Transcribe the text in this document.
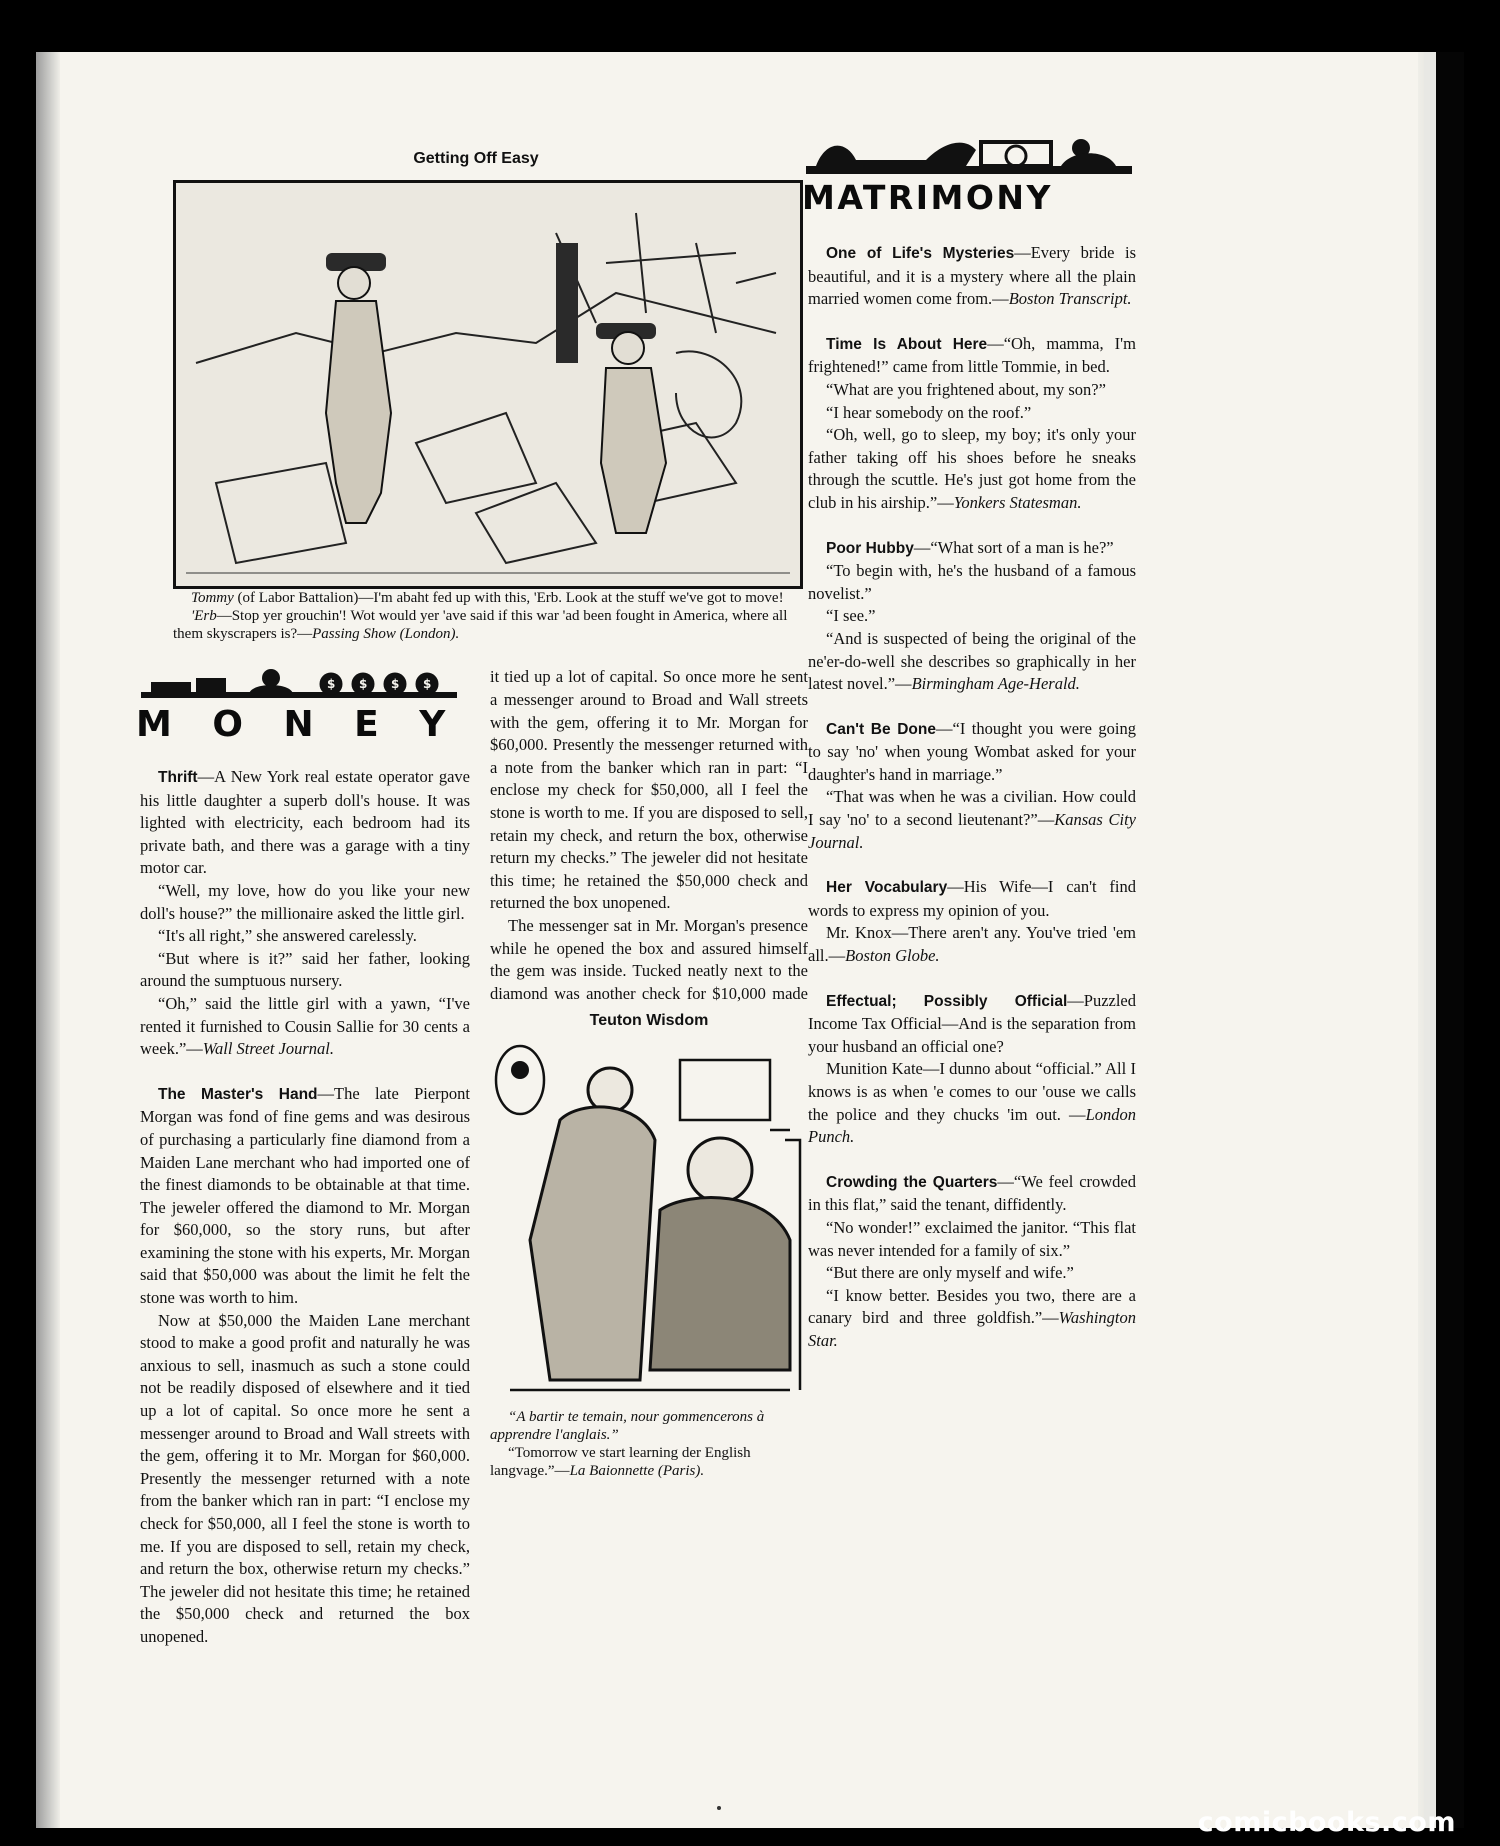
Getting Off Easy

Tommy (of Labor Battalion)—I'm abaht fed up with this, 'Erb. Look at the stuff we've got to move!

'Erb—Stop yer grouchin'! Wot would yer 'ave said if this war 'ad been fought in America, where all them skyscrapers is?—Passing Show (London).

$ $ $ $
M O N E Y

Thrift—A New York real estate operator gave his little daughter a superb doll's house. It was lighted with electricity, each bedroom had its private bath, and there was a garage with a tiny motor car.

“Well, my love, how do you like your new doll's house?” the millionaire asked the little girl.

“It's all right,” she answered carelessly.

“But where is it?” said her father, looking around the sumptuous nursery.

“Oh,” said the little girl with a yawn, “I've rented it furnished to Cousin Sallie for 30 cents a week.”—Wall Street Journal.

The Master's Hand—The late Pierpont Morgan was fond of fine gems and was desirous of purchasing a particularly fine diamond from a Maiden Lane merchant who had imported one of the finest diamonds to be obtainable at that time. The jeweler offered the diamond to Mr. Morgan for $60,000, so the story runs, but after examining the stone with his experts, Mr. Morgan said that $50,000 was about the limit he felt the stone was worth to him.

Now at $50,000 the Maiden Lane merchant stood to make a good profit and naturally he was anxious to sell, inasmuch as such a stone could not be readily disposed of elsewhere and it tied up a lot of capital. So once more he sent a messenger around to Broad and Wall streets with the gem, offering it to Mr. Morgan for $60,000. Presently the messenger returned with a note from the banker which ran in part: “I enclose my check for $50,000, all I feel the stone is worth to me. If you are disposed to sell, retain my check, and return the box, otherwise return my checks.” The jeweler did not hesitate this time; he retained the $50,000 check and returned the box unopened.

it tied up a lot of capital. So once more he sent a messenger around to Broad and Wall streets with the gem, offering it to Mr. Morgan for $60,000. Presently the messenger returned with a note from the banker which ran in part: “I enclose my check for $50,000, all I feel the stone is worth to me. If you are disposed to sell, retain my check, and return the box, otherwise return my checks.” The jeweler did not hesitate this time; he retained the $50,000 check and returned the box unopened.

The messenger sat in Mr. Morgan's presence while he opened the box and assured himself the gem was inside. Tucked neatly next to the diamond was another check for $10,000 made

Teuton Wisdom

“A bartir te temain, nour gommencerons à apprendre l'anglais.”

“Tomorrow ve start learning der English langvage.”—La Baionnette (Paris).

MATRIMONY

One of Life's Mysteries—Every bride is beautiful, and it is a mystery where all the plain married women come from.—Boston Transcript.

Time Is About Here—“Oh, mamma, I'm frightened!” came from little Tommie, in bed.

“What are you frightened about, my son?”

“I hear somebody on the roof.”

“Oh, well, go to sleep, my boy; it's only your father taking off his shoes before he sneaks through the scuttle. He's just got home from the club in his airship.”—Yonkers Statesman.

Poor Hubby—“What sort of a man is he?”

“To begin with, he's the husband of a famous novelist.”

“I see.”

“And is suspected of being the original of the ne'er-do-well she describes so graphically in her latest novel.”—Birmingham Age-Herald.

Can't Be Done—“I thought you were going to say 'no' when young Wombat asked for your daughter's hand in marriage.”

“That was when he was a civilian. How could I say 'no' to a second lieutenant?”—Kansas City Journal.

Her Vocabulary—His Wife—I can't find words to express my opinion of you.

Mr. Knox—There aren't any. You've tried 'em all.—Boston Globe.

Effectual; Possibly Official—Puzzled Income Tax Official—And is the separation from your husband an official one?

Munition Kate—I dunno about “official.” All I knows is as when 'e comes to our 'ouse we calls the police and they chucks 'im out. —London Punch.

Crowding the Quarters—“We feel crowded in this flat,” said the tenant, diffidently.

“No wonder!” exclaimed the janitor. “This flat was never intended for a family of six.”

“But there are only myself and wife.”

“I know better. Besides you two, there are a canary bird and three goldfish.”—Washington Star.

comicbooks.com
